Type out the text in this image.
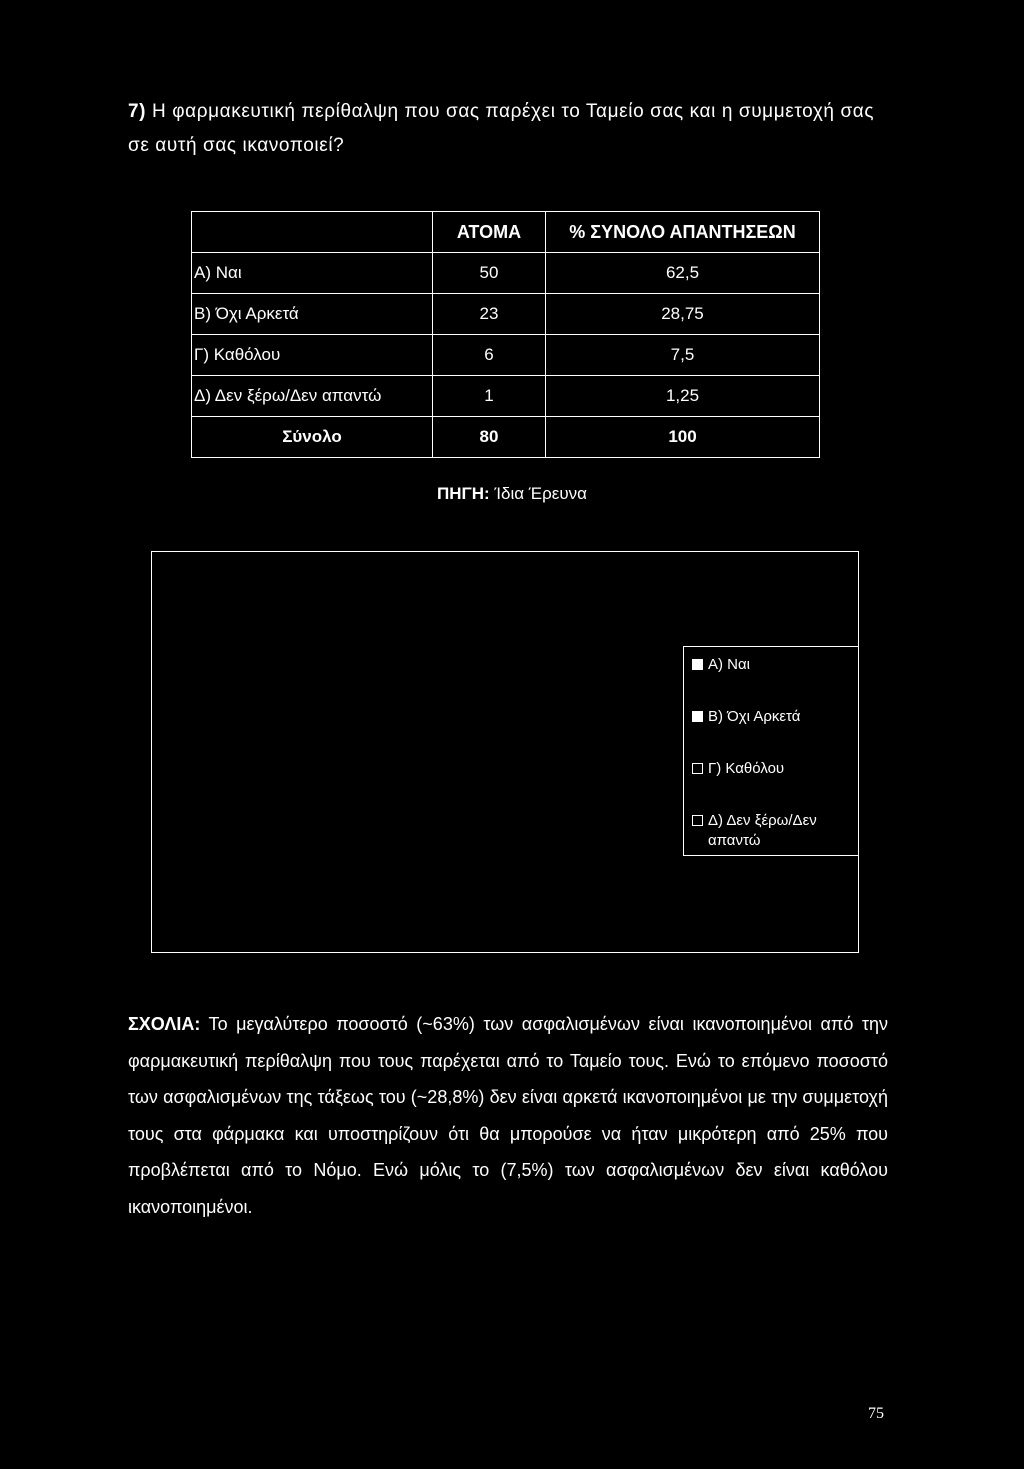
7) Η φαρμακευτική περίθαλψη που σας παρέχει το Ταμείο σας και η συμμετοχή σας σε αυτή σας ικανοποιεί?
	ΑΤΟΜΑ	% ΣΥΝΟΛΟ ΑΠΑΝΤΗΣΕΩΝ
Α) Ναι	50	62,5
Β) Όχι Αρκετά	23	28,75
Γ) Καθόλου	6	7,5
Δ) Δεν ξέρω/Δεν απαντώ	1	1,25
Σύνολο	80	100
ΠΗΓΗ: Ίδια Έρευνα
Α) Ναι
Β) Όχι Αρκετά
Γ) Καθόλου
Δ) Δεν ξέρω/Δεν
απαντώ
ΣΧΟΛΙΑ: Το μεγαλύτερο ποσοστό (~63%) των ασφαλισμένων είναι ικανοποιημένοι από την φαρμακευτική περίθαλψη που τους παρέχεται από το Ταμείο τους. Ενώ το επόμενο ποσοστό των ασφαλισμένων της τάξεως του (~28,8%) δεν είναι αρκετά ικανοποιημένοι με την συμμετοχή τους στα φάρμακα και υποστηρίζουν ότι θα μπορούσε να ήταν μικρότερη από 25% που προβλέπεται από το Νόμο. Ενώ μόλις το (7,5%) των ασφαλισμένων δεν είναι καθόλου ικανοποιημένοι.
75
